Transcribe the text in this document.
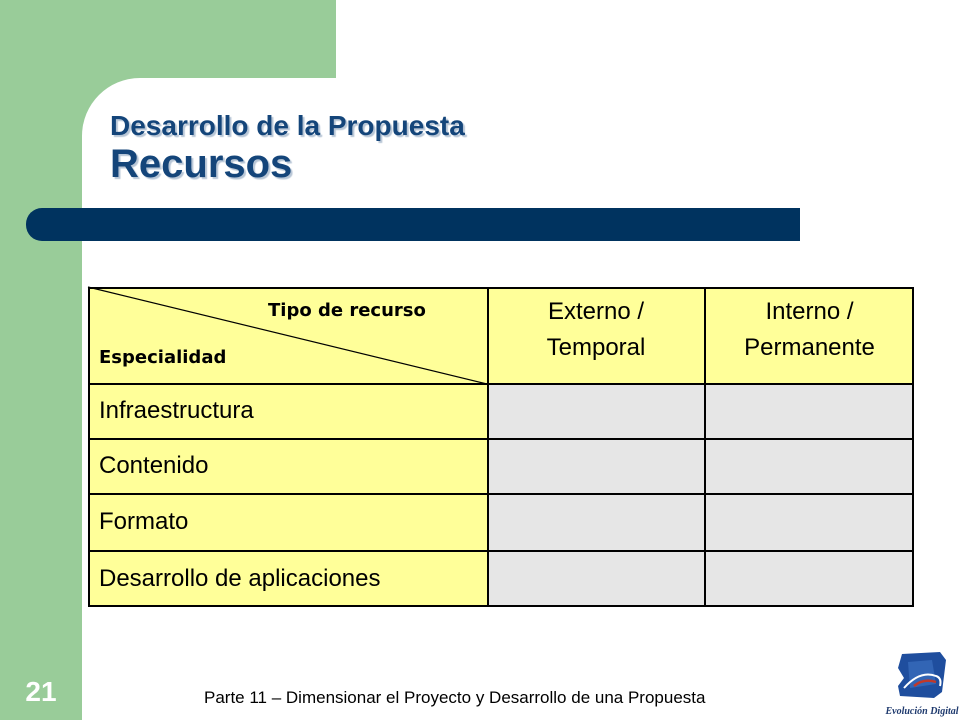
Desarrollo de la Propuesta
Recursos
Tipo de recurso
Especialidad
Externo /
Temporal
Interno /
Permanente
Infraestructura
Contenido
Formato
Desarrollo de aplicaciones
21	Parte 11 – Dimensionar el Proyecto y Desarrollo de una Propuesta
Evolución Digital
